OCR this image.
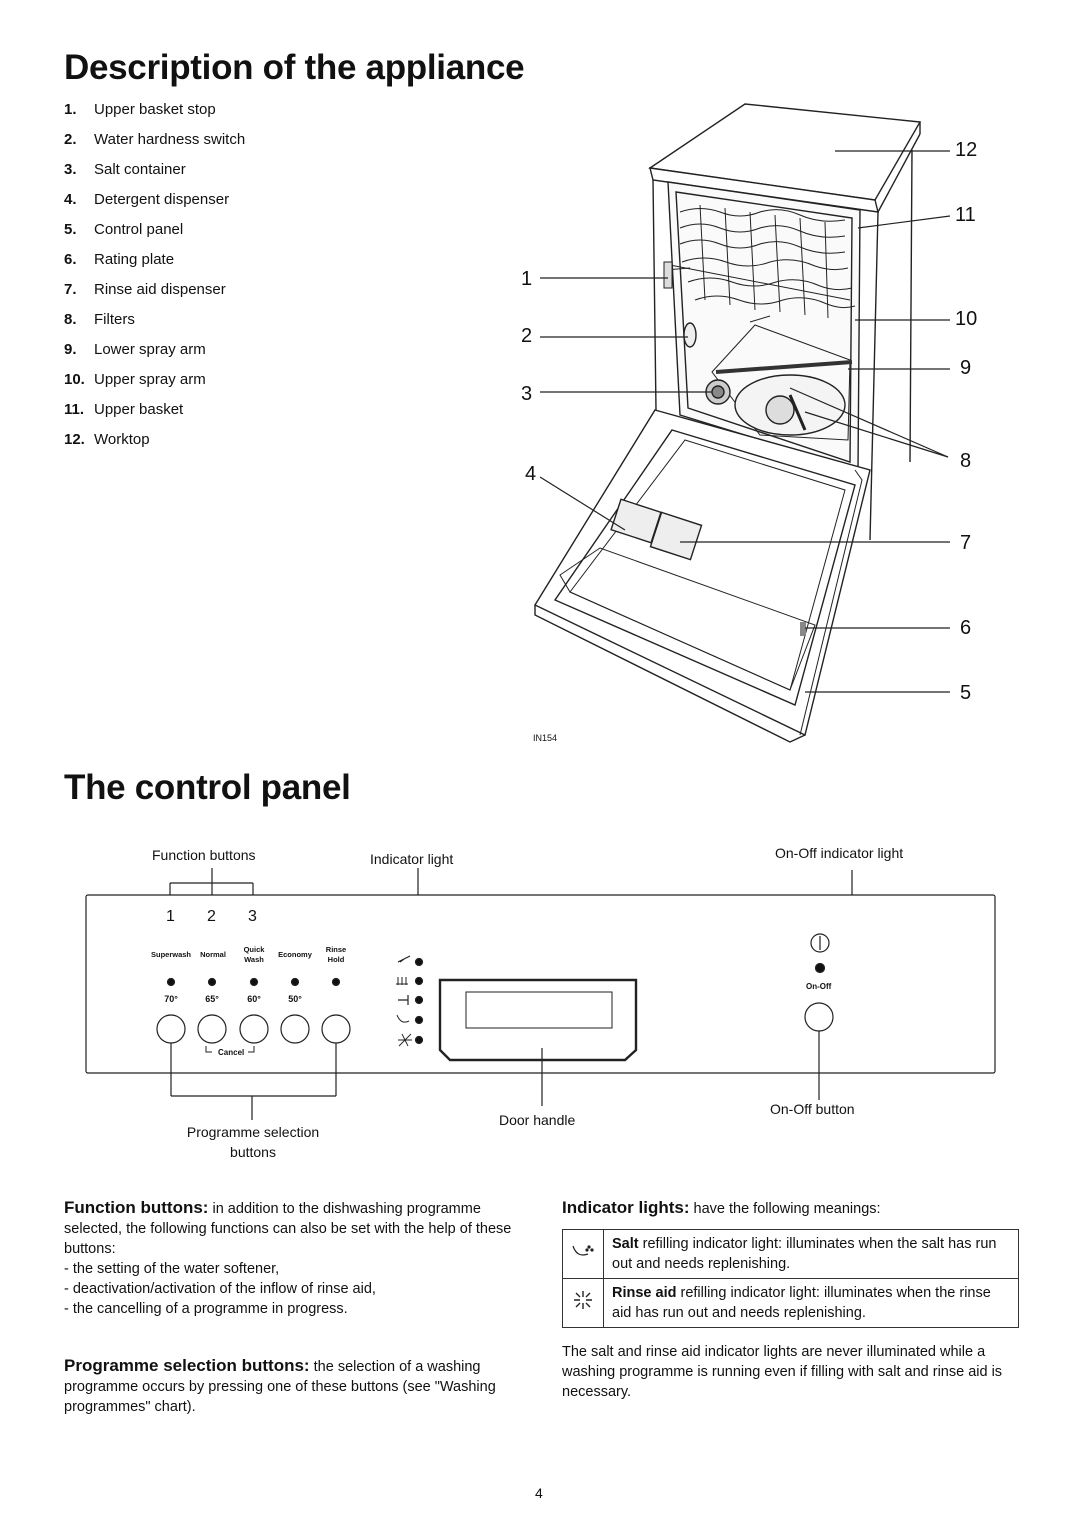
Description of the appliance
1. Upper basket stop
2. Water hardness switch
3. Salt container
4. Detergent dispenser
5. Control panel
6. Rating plate
7. Rinse aid dispenser
8. Filters
9. Lower spray arm
10. Upper spray arm
11. Upper basket
12. Worktop
12
11
1
10
2
9
3
8
4
7
6
5
IN154
The control panel
Function buttons	Indicator light	On-Off indicator light
1 2 3
Superwash	Normal
Quick
Wash
Economy
Rinse
Hold
70°	65°	60°	50°
Cancel
On-Off
Door handle
On-Off button
Programme selection
buttons
Function buttons: in addition to the dishwashing programme selected, the following functions can also be set with the help of these buttons:
- the setting of the water softener,
- deactivation/activation of the inflow of rinse aid,
- the cancelling of a programme in progress.
Programme selection buttons: the selection of a washing programme occurs by pressing one of these buttons (see "Washing programmes" chart).
Indicator lights: have the following meanings:
	Salt refilling indicator light: illuminates when the salt has run out and needs replenishing.
	Rinse aid refilling indicator light: illuminates when the rinse aid has run out and needs replenishing.
The salt and rinse aid indicator lights are never illuminated while a washing programme is running even if filling with salt and rinse aid is necessary.
4
